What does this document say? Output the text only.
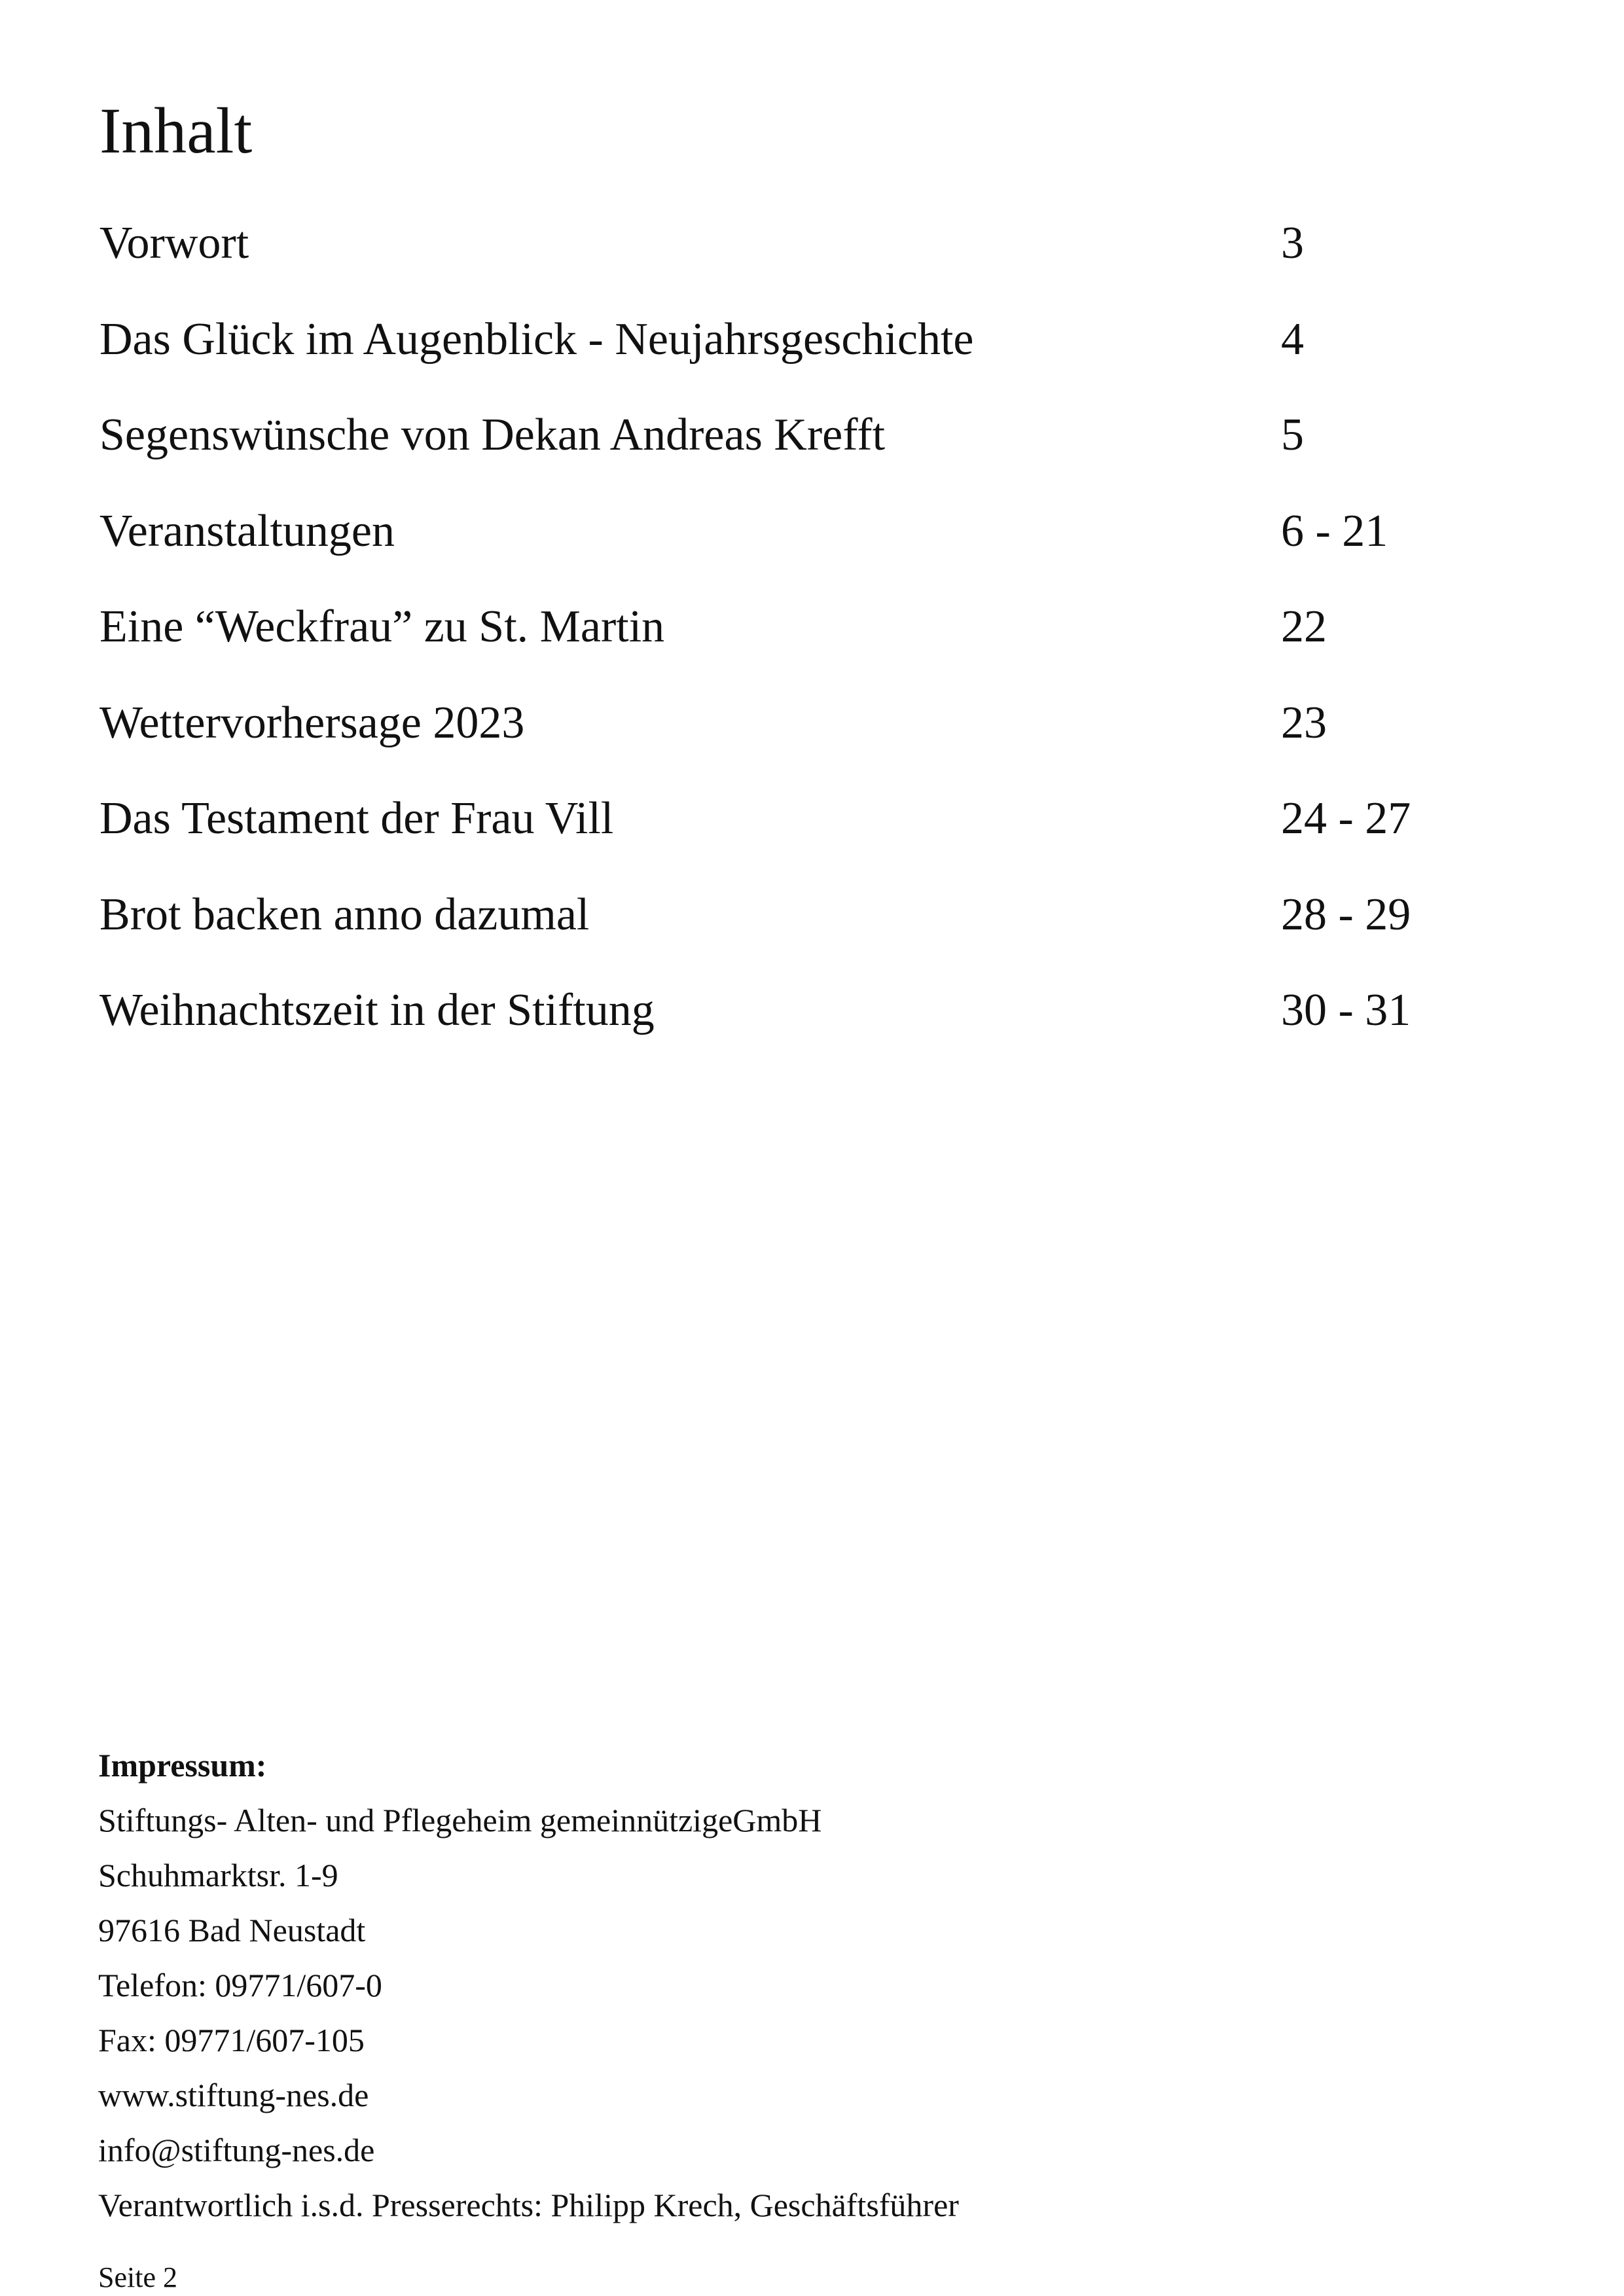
Inhalt
Vorwort	3
Das Glück im Augenblick - Neujahrsgeschichte	4
Segenswünsche von Dekan Andreas Krefft	5
Veranstaltungen	6 - 21
Eine “Weckfrau” zu St. Martin	22
Wettervorhersage 2023	23
Das Testament der Frau Vill	24 - 27
Brot backen anno dazumal	28 - 29
Weihnachtszeit in der Stiftung	30 - 31
Impressum:
Stiftungs- Alten- und Pflegeheim gemeinnützigeGmbH
Schuhmarktsr. 1-9
97616 Bad Neustadt
Telefon: 09771/607-0
Fax: 09771/607-105
www.stiftung-nes.de
info@stiftung-nes.de
Verantwortlich i.s.d. Presserechts: Philipp Krech, Geschäftsführer
Seite 2
